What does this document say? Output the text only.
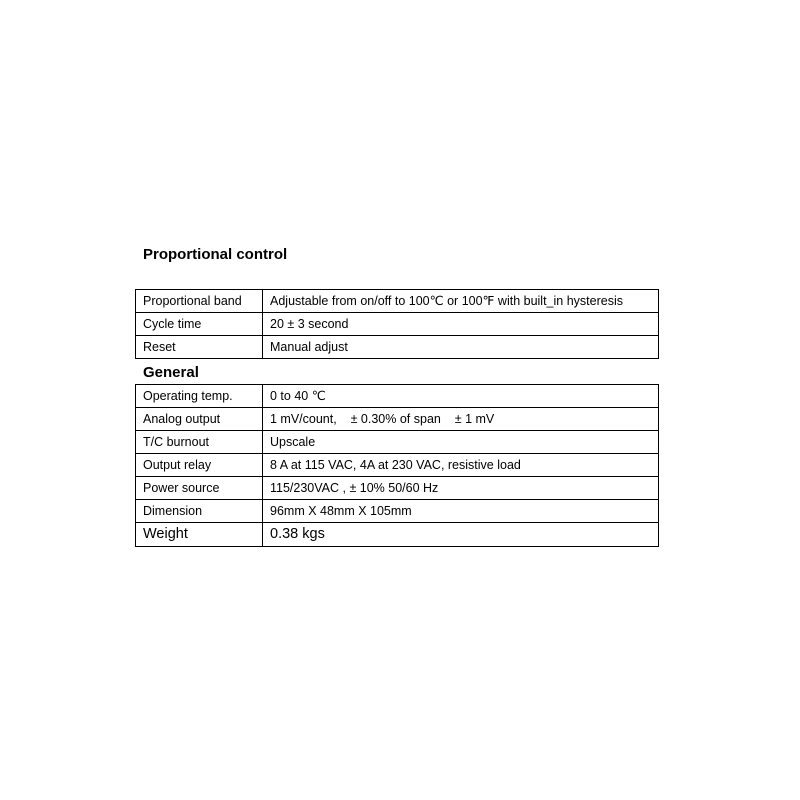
Proportional control
Proportional band	Adjustable from on/off to 100℃ or 100℉ with built_in hysteresis
Cycle time	20 ± 3 second
Reset	Manual adjust
General
Operating temp.	0 to 40 ℃
Analog output	1 mV/count,    ± 0.30% of span    ± 1 mV
T/C burnout	Upscale
Output relay	8 A at 115 VAC, 4A at 230 VAC, resistive load
Power source	115/230VAC , ± 10% 50/60 Hz
Dimension	96mm X 48mm X 105mm
Weight	0.38 kgs
